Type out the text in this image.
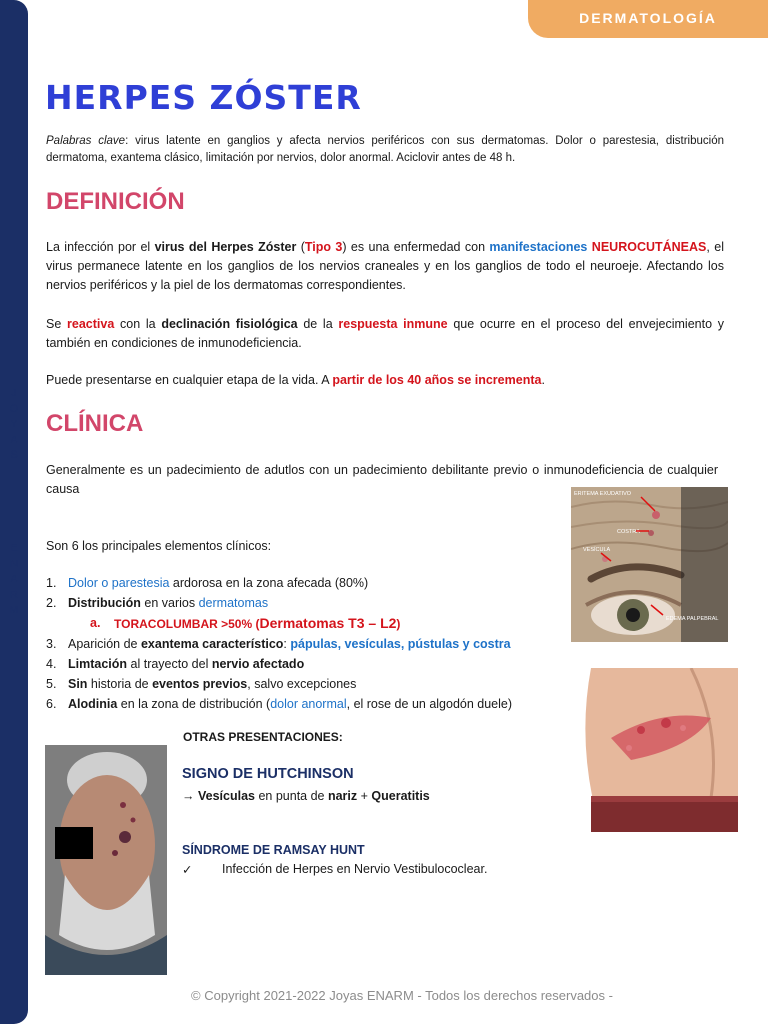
J
O
Y
A
S
E
N
A
R
M
DERMATOLOGÍA
HERPES ZÓSTER

Palabras clave: virus latente en ganglios y afecta nervios periféricos con sus dermatomas. Dolor o parestesia, distribución dermatoma, exantema clásico, limitación por nervios, dolor anormal. Aciclovir antes de 48 h.

DEFINICIÓN

La infección por el virus del Herpes Zóster (Tipo 3) es una enfermedad con manifestaciones NEUROCUTÁNEAS, el virus permanece latente en los ganglios de los nervios craneales y en los ganglios de todo el neuroeje. Afectando los nervios periféricos y la piel de los dermatomas correspondientes.

Se reactiva con la declinación fisiológica de la respuesta inmune que ocurre en el proceso del envejecimiento y también en condiciones de inmunodeficiencia.

Puede presentarse en cualquier etapa de la vida. A partir de los 40 años se incrementa.

CLÍNICA

Generalmente es un padecimiento de adutlos con un padecimiento debilitante previo o inmunodeficiencia de cualquier causa

Son 6 los principales elementos clínicos:

1. Dolor o parestesia ardorosa en la zona afecada (80%)
2. Distribución en varios dermatomas
a.	TORACOLUMBAR >50% (Dermatomas T3 – L2)
3. Aparición de exantema característico: pápulas, vesículas, pústulas y costra
4. Limtación al trayecto del nervio afectado
5. Sin historia de eventos previos, salvo excepciones
6. Alodinia en la zona de distribución (dolor anormal, el rose de un algodón duele)
ERITEMA EXUDATIVO
COSTRA
VESÍCULA
EDEMA PALPEBRAL
OTRAS PRESENTACIONES:
SIGNO DE HUTCHINSON
→ Vesículas en punta de nariz + Queratitis
SÍNDROME DE RAMSAY HUNT
✓	Infección de Herpes en Nervio Vestibulococlear.
© Copyright 2021-2022 Joyas ENARM - Todos los derechos reservados -
